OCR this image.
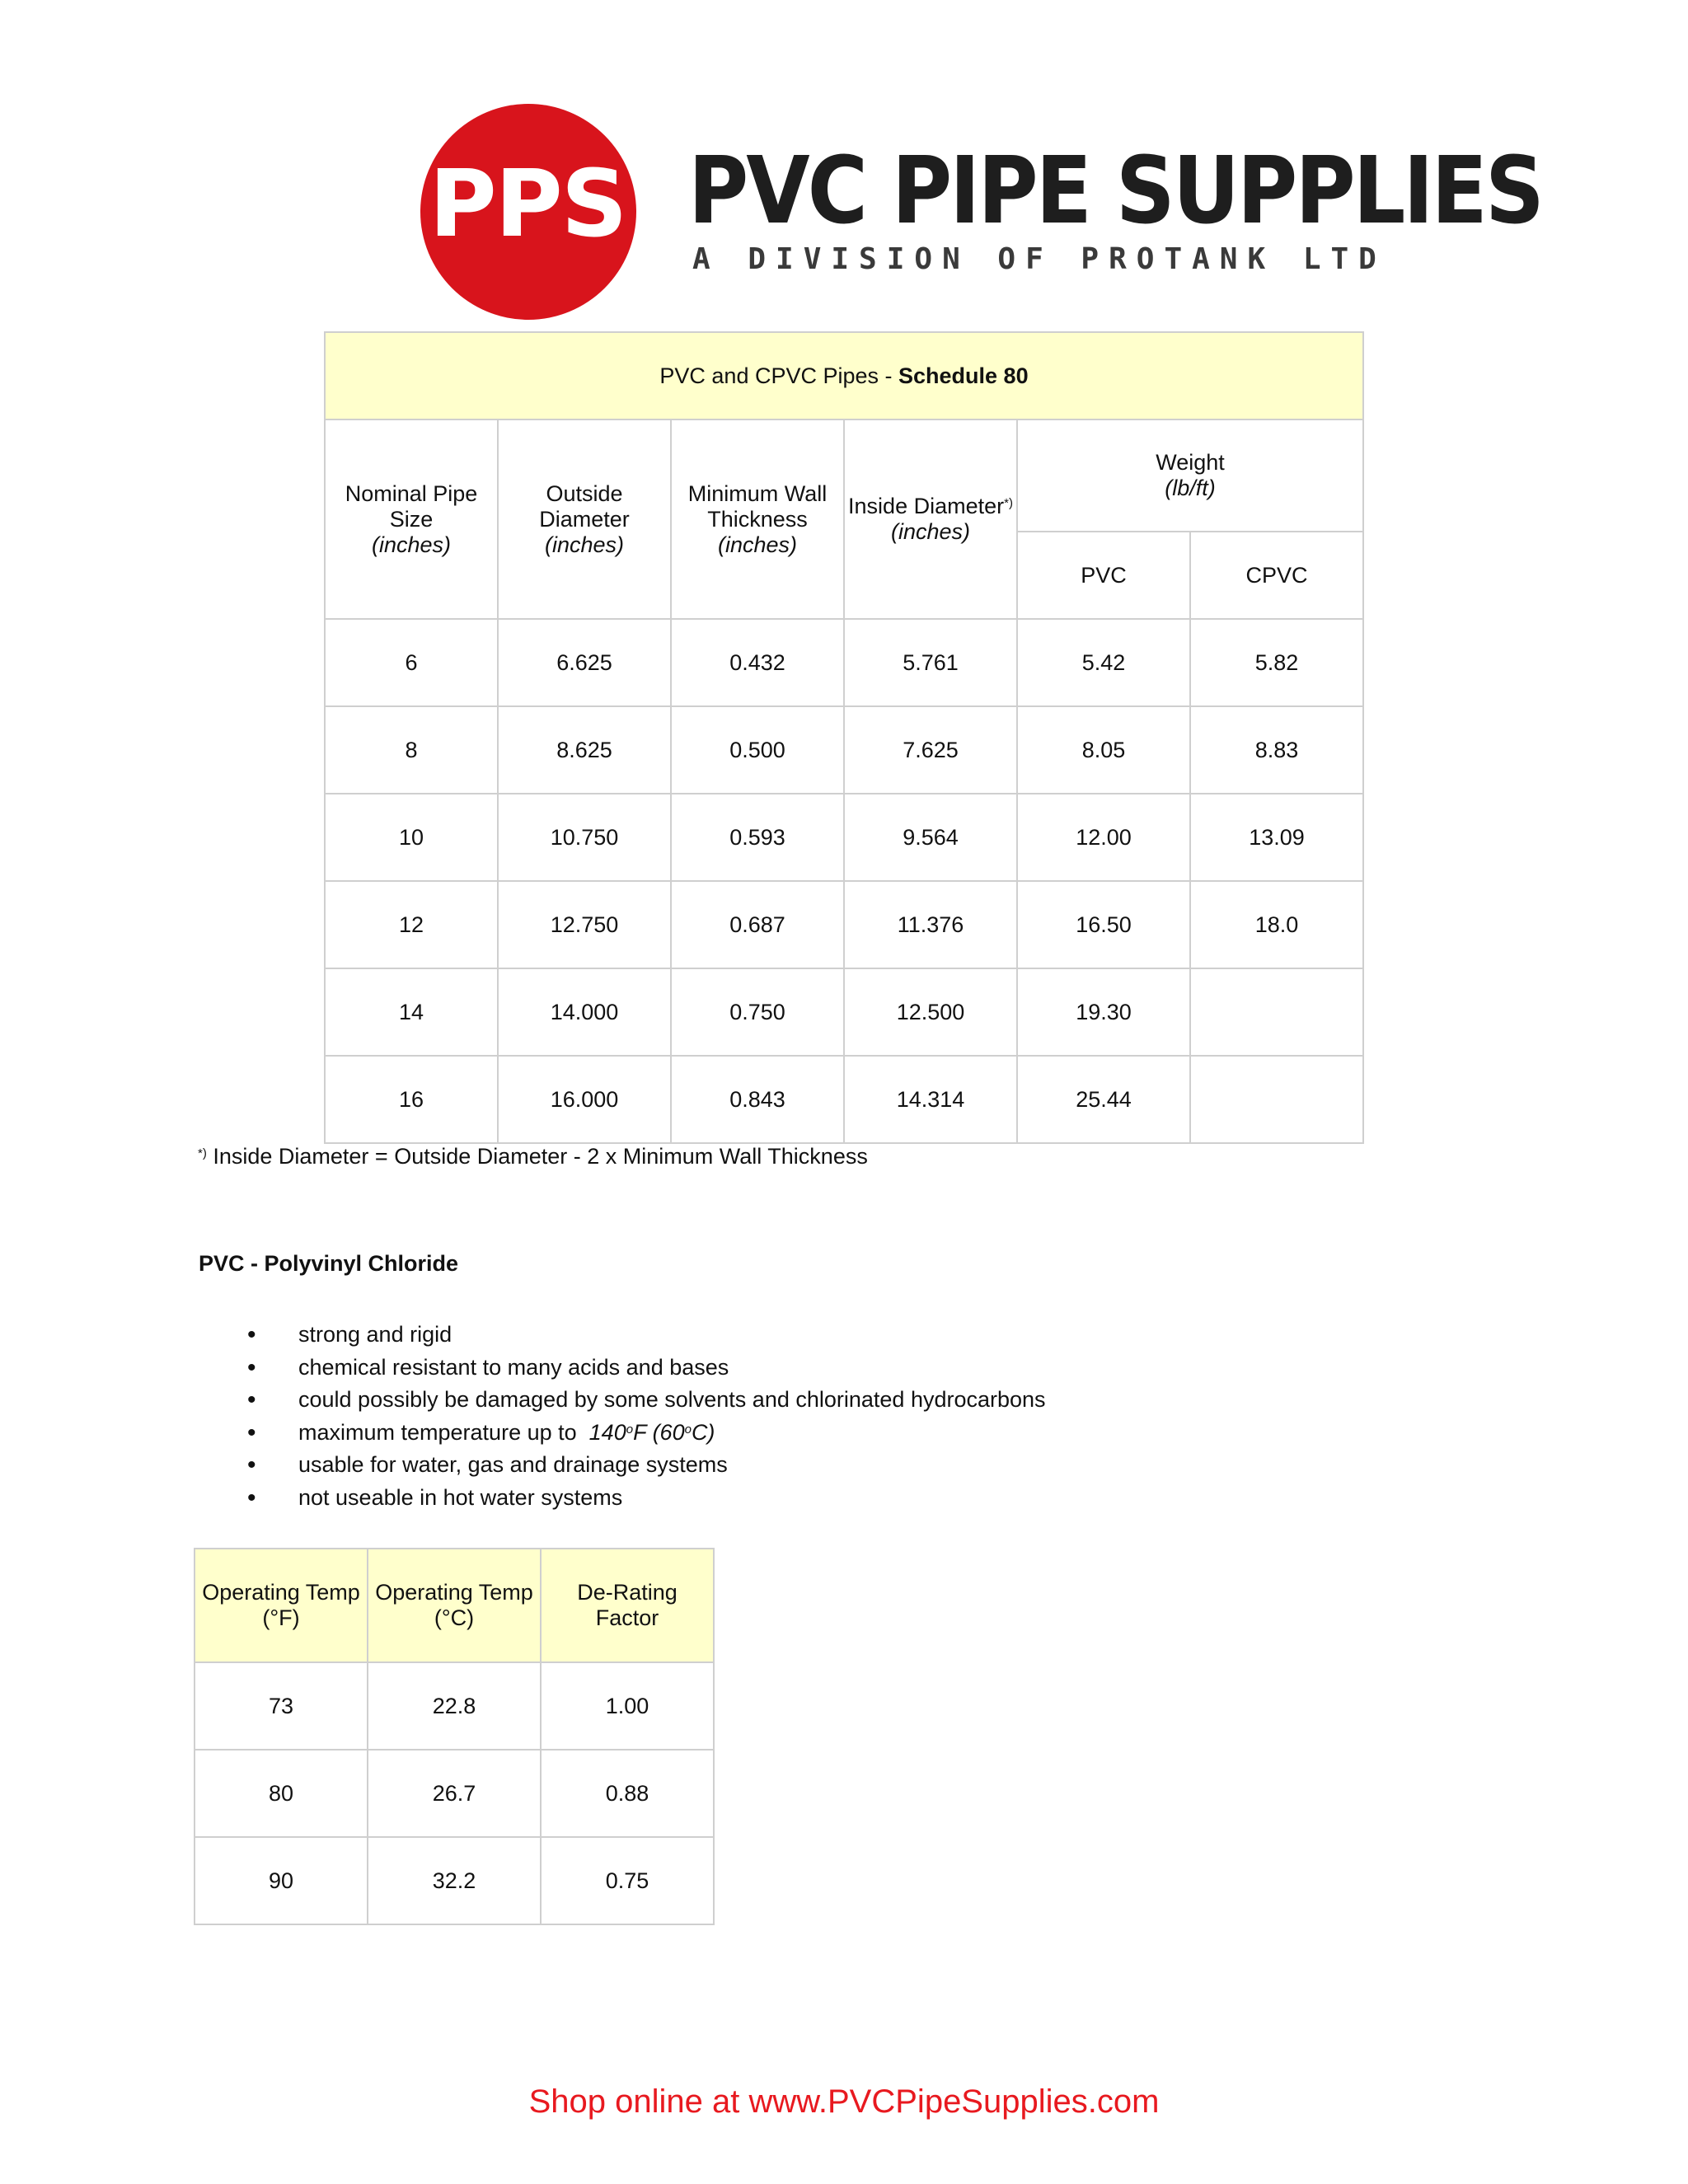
PPS PVC PIPE SUPPLIES
A DIVISION OF PROTANK LTD
PVC and CPVC Pipes - Schedule 80					
Nominal Pipe
Size
(inches)	Outside
Diameter
(inches)	Minimum Wall
Thickness
(inches)	Inside Diameter*)
(inches)	Weight
(lb/ft)	
				PVC	CPVC
6	6.625	0.432	5.761	5.42	5.82
8	8.625	0.500	7.625	8.05	8.83
10	10.750	0.593	9.564	12.00	13.09
12	12.750	0.687	11.376	16.50	18.0
14	14.000	0.750	12.500	19.30	
16	16.000	0.843	14.314	25.44	
*) Inside Diameter = Outside Diameter - 2 x Minimum Wall Thickness
PVC - Polyvinyl Chloride
• strong and rigid
• chemical resistant to many acids and bases
• could possibly be damaged by some solvents and chlorinated hydrocarbons
• maximum temperature up to  140$^o$F (60$^o$C)
• usable for water, gas and drainage systems
• not useable in hot water systems
Operating Temp
(°F)	Operating Temp
(°C)	De-Rating
Factor
73	22.8	1.00
80	26.7	0.88
90	32.2	0.75
Shop online at www.PVCPipeSupplies.com
